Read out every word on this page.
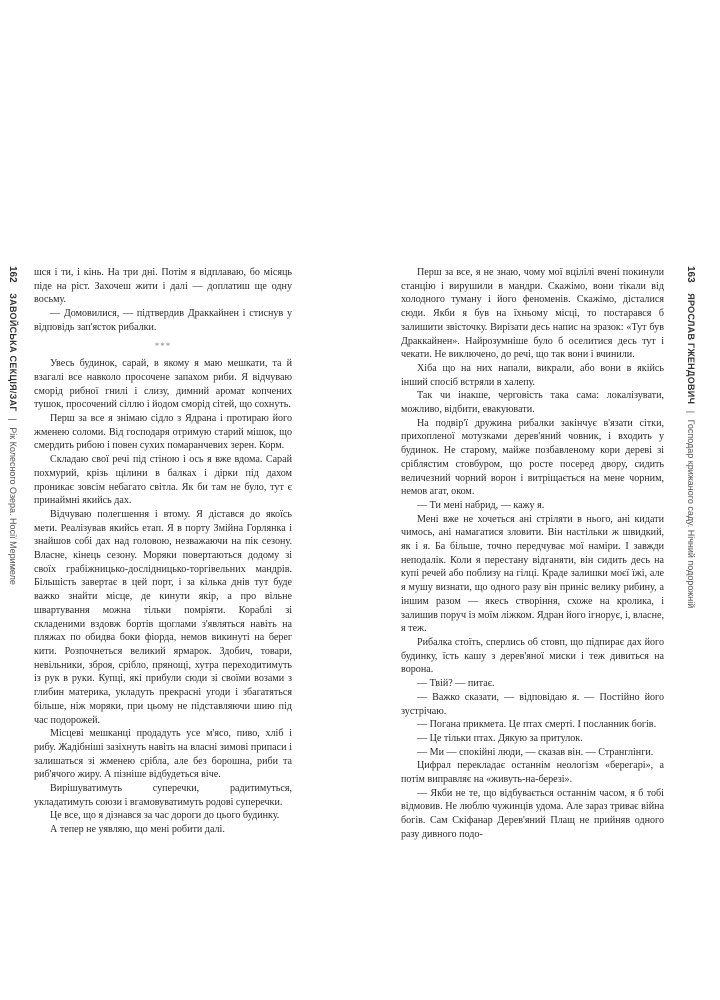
162 ЗАВОЙСЬКА СЕКЦІЯ/ЗАГ | Рік Колесного Озера. Носії Меримеле

шся і ти, і кінь. На три дні. Потім я відплаваю, бо місяць піде на ріст. Захочеш жити і далі — доплатиш ще одну восьму.

— Домовилися, — підтвердив Драккайнен і стиснув у відповідь зап'ясток рибалки.

***

Увесь будинок, сарай, в якому я маю мешкати, та й взагалі все навколо просочене запахом риби. Я відчуваю сморід рибної гнилі і слизу, димний аромат копчених тушок, просочений сіллю і йодом сморід сітей, що сохнуть.

Перш за все я знімаю сідло з Ядрана і протираю його жменею соломи. Від господаря отримую старий мішок, що смердить рибою і повен сухих помаранчевих зерен. Корм.

Складаю свої речі під стіною і ось я вже вдома. Сарай похмурий, крізь щілини в балках і дірки під дахом проникає зовсім небагато світла. Як би там не було, тут є принаймні якийсь дах.

Відчуваю полегшення і втому. Я дістався до якоїсь мети. Реалізував якийсь етап. Я в порту Змійна Горлянка і знайшов собі дах над головою, незважаючи на пік сезону. Власне, кінець сезону. Моряки повертаються додому зі своїх грабіжницько-дослідницько-торгівельних мандрів. Більшість завертає в цей порт, і за кілька днів тут буде важко знайти місце, де кинути якір, а про вільне швартування можна тільки помріяти. Кораблі зі складеними вздовж бортів щоглами з'являться навіть на пляжах по обидва боки фіорда, немов викинуті на берег кити. Розпочнеться великий ярмарок. Здобич, товари, невільники, зброя, срібло, прянощі, хутра переходитимуть із рук в руки. Купці, які прибули сюди зі своїми возами з глибин материка, укладуть прекрасні угоди і збагатяться більше, ніж моряки, при цьому не підставляючи шию під час подорожей.

Місцеві мешканці продадуть усе м'ясо, пиво, хліб і рибу. Жадібніші зазіхнуть навіть на власні зимові припаси і залишаться зі жменею срібла, але без борошна, риби та риб'ячого жиру. А пізніше відбудеться віче.

Вирішуватимуть суперечки, радитимуться, укладатимуть союзи і вгамовуватимуть родові суперечки.

Це все, що я дізнався за час дороги до цього будинку.

А тепер не уявляю, що мені робити далі.

Перш за все, я не знаю, чому мої вцілілі вчені покинули станцію і вирушили в мандри. Скажімо, вони тікали від холодного туману і його феноменів. Скажімо, дісталися сюди. Якби я був на їхньому місці, то постарався б залишити звісточку. Вирізати десь напис на зразок: «Тут був Драккайнен». Найрозумніше було б оселитися десь тут і чекати. Не виключено, до речі, що так вони і вчинили.

Хіба що на них напали, викрали, або вони в якійсь інший спосіб встряли в халепу.

Так чи інакше, черговість така сама: локалізувати, можливо, відбити, евакуювати.

На подвір'ї дружина рибалки закінчує в'язати сітки, прихопленої мотузками дерев'яний човник, і входить у будинок. Не старому, майже позбавленому кори дереві зі сріблястим стовбуром, що росте посеред двору, сидить величезний чорний ворон і витріщається на мене чорним, немов агат, оком.

— Ти мені набрид, — кажу я.

Мені вже не хочеться ані стріляти в нього, ані кидати чимось, ані намагатися зловити. Він настільки ж швидкий, як і я. Ба більше, точно передчуває мої наміри. І завжди неподалік. Коли я перестану відганяти, він сидить десь на купі речей або поблизу на гілці. Краде залишки моєї їжі, але я мушу визнати, що одного разу він приніс велику рибину, а іншим разом — якесь створіння, схоже на кролика, і залишив поруч із моїм ліжком. Ядран його ігнорує, і, власне, я теж.

Рибалка стоїть, сперлись об стовп, що підпирає дах його будинку, їсть кашу з дерев'яної миски і теж дивиться на ворона.

— Твій? — питає.

— Важко сказати, — відповідаю я. — Постійно його зустрічаю.

— Погана прикмета. Це птах смерті. І посланник богів.

— Це тільки птах. Дякую за притулок.

— Ми — спокійні люди, — сказав він. — Странглінги.

Цифрал перекладає останнім неологізм «берегарі», а потім виправляє на «живуть-на-березі».

— Якби не те, що відбувається останнім часом, я б тобі відмовив. Не люблю чужинців удома. Але зараз триває війна богів. Сам Скіфанар Дерев'яний Плащ не прийняв одного разу дивного подо-

163 ЯРОСЛАВ ГЖЕНДОВИЧ | Господар крижаного саду. Нічний подорожній
